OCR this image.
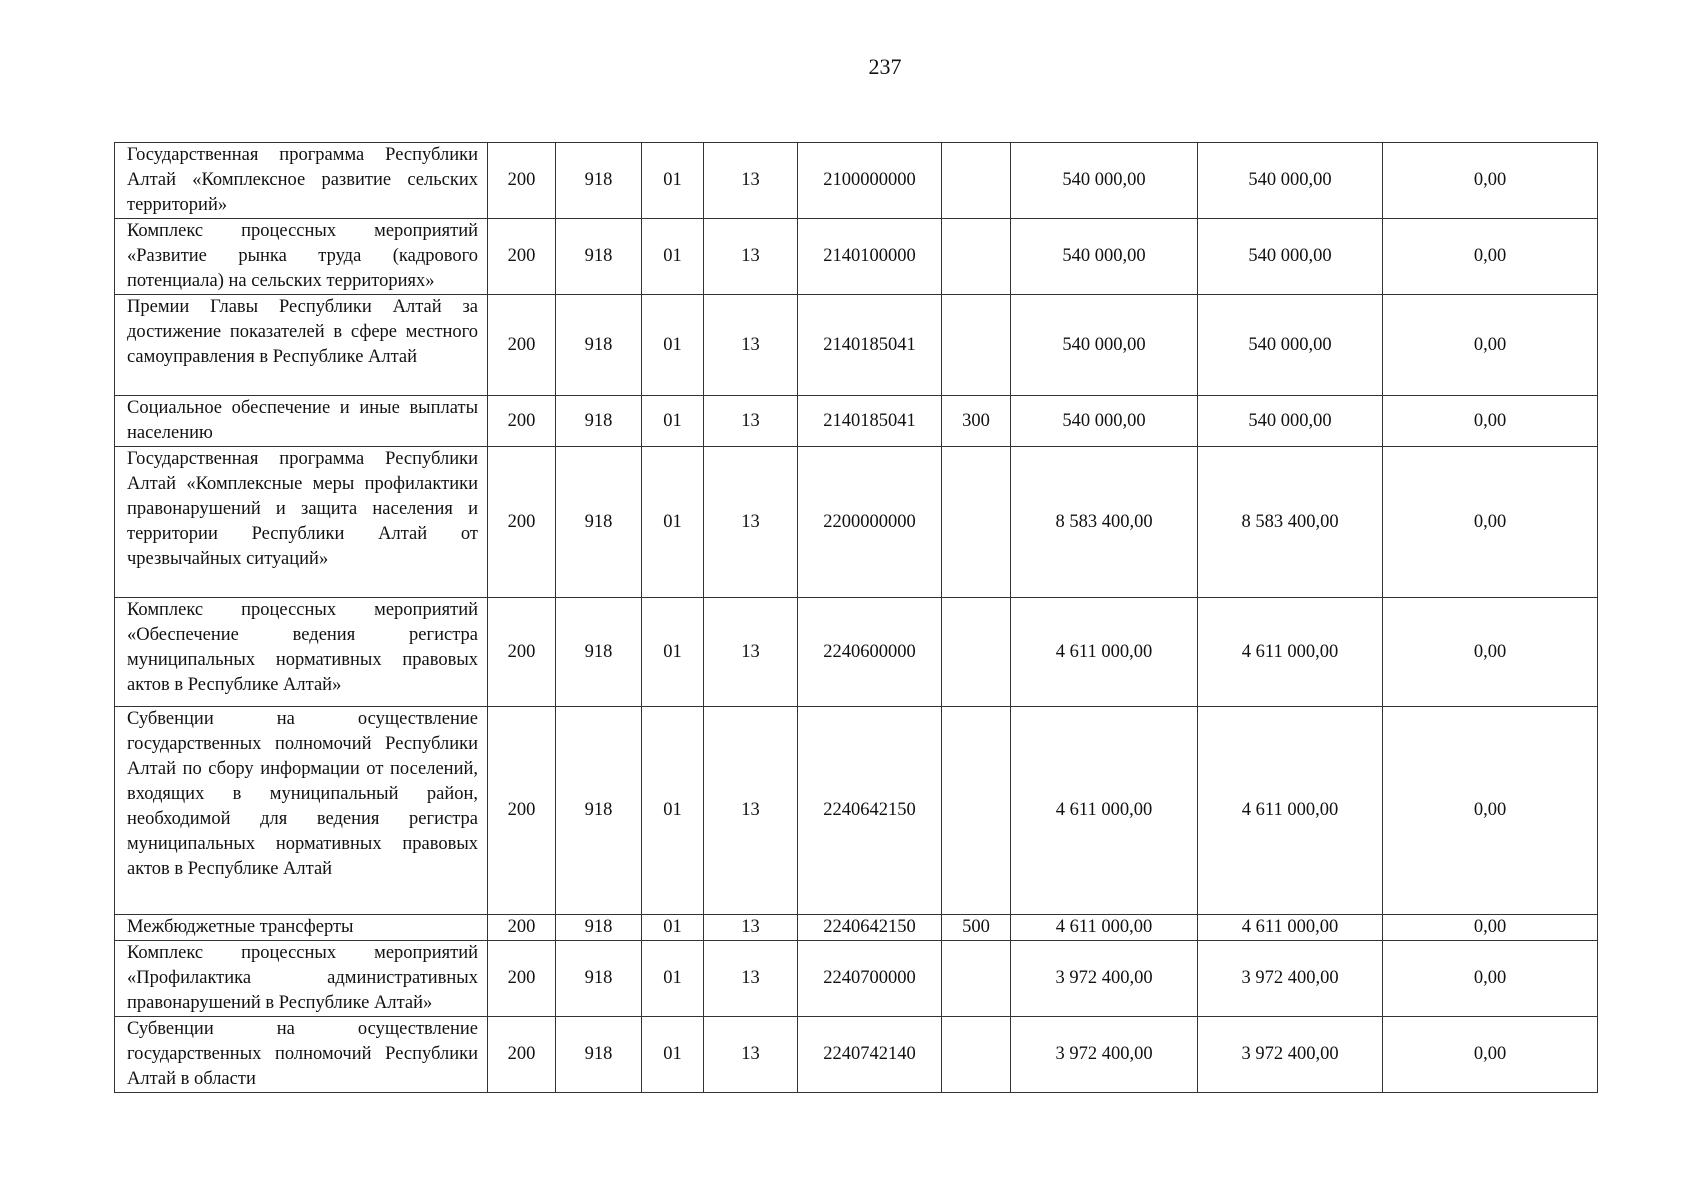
237
Государственная программа Республики Алтай «Комплексное развитие сельских территорий»	200	918	01	13	2100000000		540 000,00	540 000,00	0,00
Комплекс процессных мероприятий «Развитие рынка труда (кадрового потенциала) на сельских территориях»	200	918	01	13	2140100000		540 000,00	540 000,00	0,00
Премии Главы Республики Алтай за достижение показателей в сфере местного самоуправления в Республике Алтай	200	918	01	13	2140185041		540 000,00	540 000,00	0,00
Социальное обеспечение и иные выплаты населению	200	918	01	13	2140185041	300	540 000,00	540 000,00	0,00
Государственная программа Республики Алтай «Комплексные меры профилактики правонарушений и защита населения и территории Республики Алтай от чрезвычайных ситуаций»	200	918	01	13	2200000000		8 583 400,00	8 583 400,00	0,00
Комплекс процессных мероприятий «Обеспечение ведения регистра муниципальных нормативных правовых актов в Республике Алтай»	200	918	01	13	2240600000		4 611 000,00	4 611 000,00	0,00
Субвенции на осуществление государственных полномочий Республики Алтай по сбору информации от поселений, входящих в муниципальный район, необходимой для ведения регистра муниципальных нормативных правовых актов в Республике Алтай	200	918	01	13	2240642150		4 611 000,00	4 611 000,00	0,00
Межбюджетные трансферты	200	918	01	13	2240642150	500	4 611 000,00	4 611 000,00	0,00
Комплекс процессных мероприятий «Профилактика административных правонарушений в Республике Алтай»	200	918	01	13	2240700000		3 972 400,00	3 972 400,00	0,00
Субвенции на осуществление государственных полномочий Республики Алтай в области	200	918	01	13	2240742140		3 972 400,00	3 972 400,00	0,00
